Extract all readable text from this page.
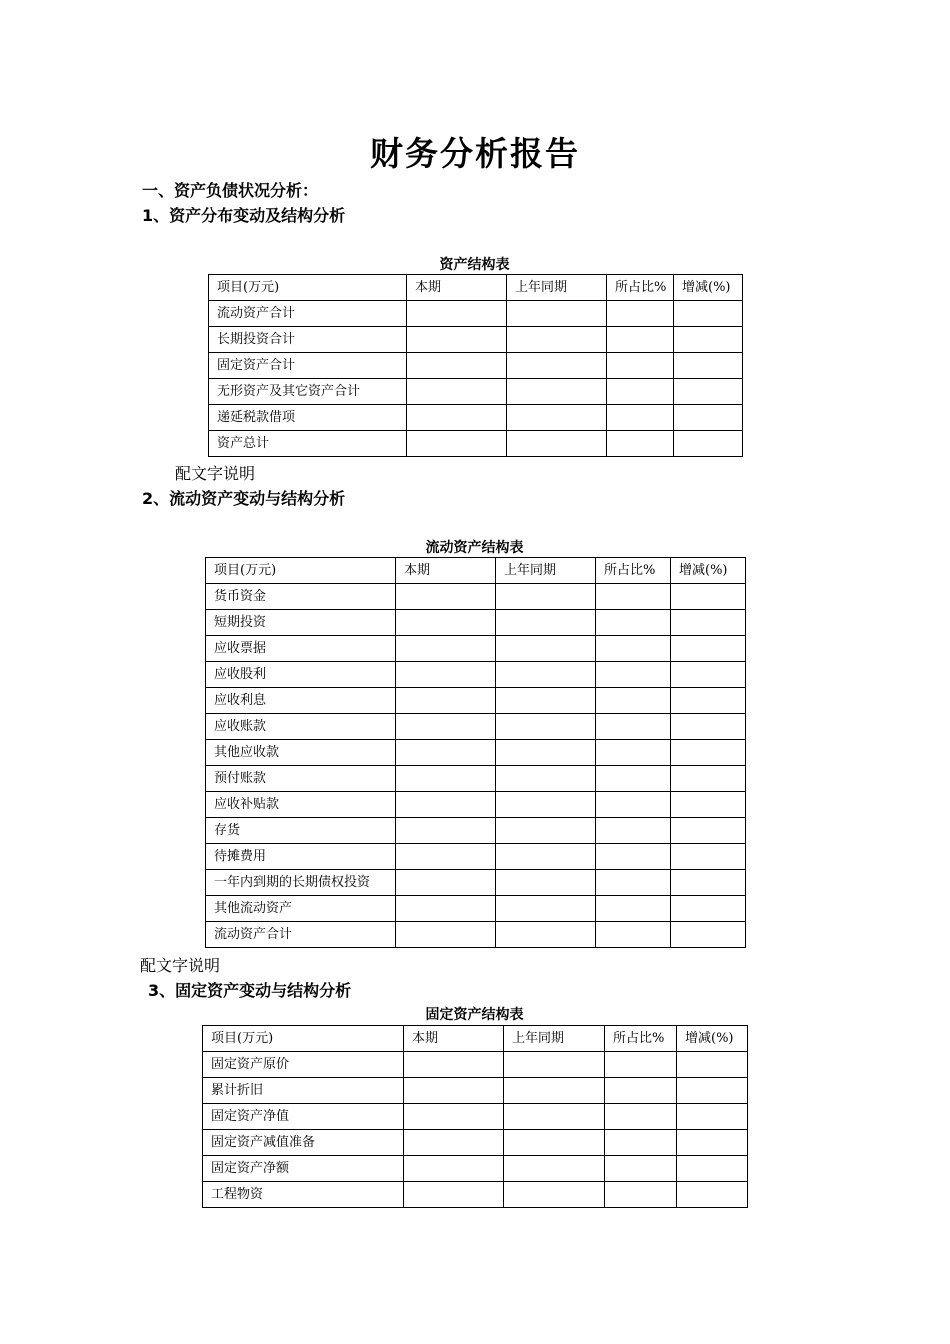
财务分析报告
一、资产负债状况分析：
1、资产分布变动及结构分析
资产结构表
项目(万元)	本期	上年同期	所占比%	增减(%)
流动资产合计				
长期投资合计				
固定资产合计				
无形资产及其它资产合计				
递延税款借项				
资产总计				
配文字说明
2、流动资产变动与结构分析
流动资产结构表
项目(万元)	本期	上年同期	所占比%	增减(%)
货币资金				
短期投资				
应收票据				
应收股利				
应收利息				
应收账款				
其他应收款				
预付账款				
应收补贴款				
存货				
待摊费用				
一年内到期的长期债权投资				
其他流动资产				
流动资产合计				
配文字说明
3、固定资产变动与结构分析
固定资产结构表
项目(万元)	本期	上年同期	所占比%	增减(%)
固定资产原价				
累计折旧				
固定资产净值				
固定资产减值准备				
固定资产净额				
工程物资				
